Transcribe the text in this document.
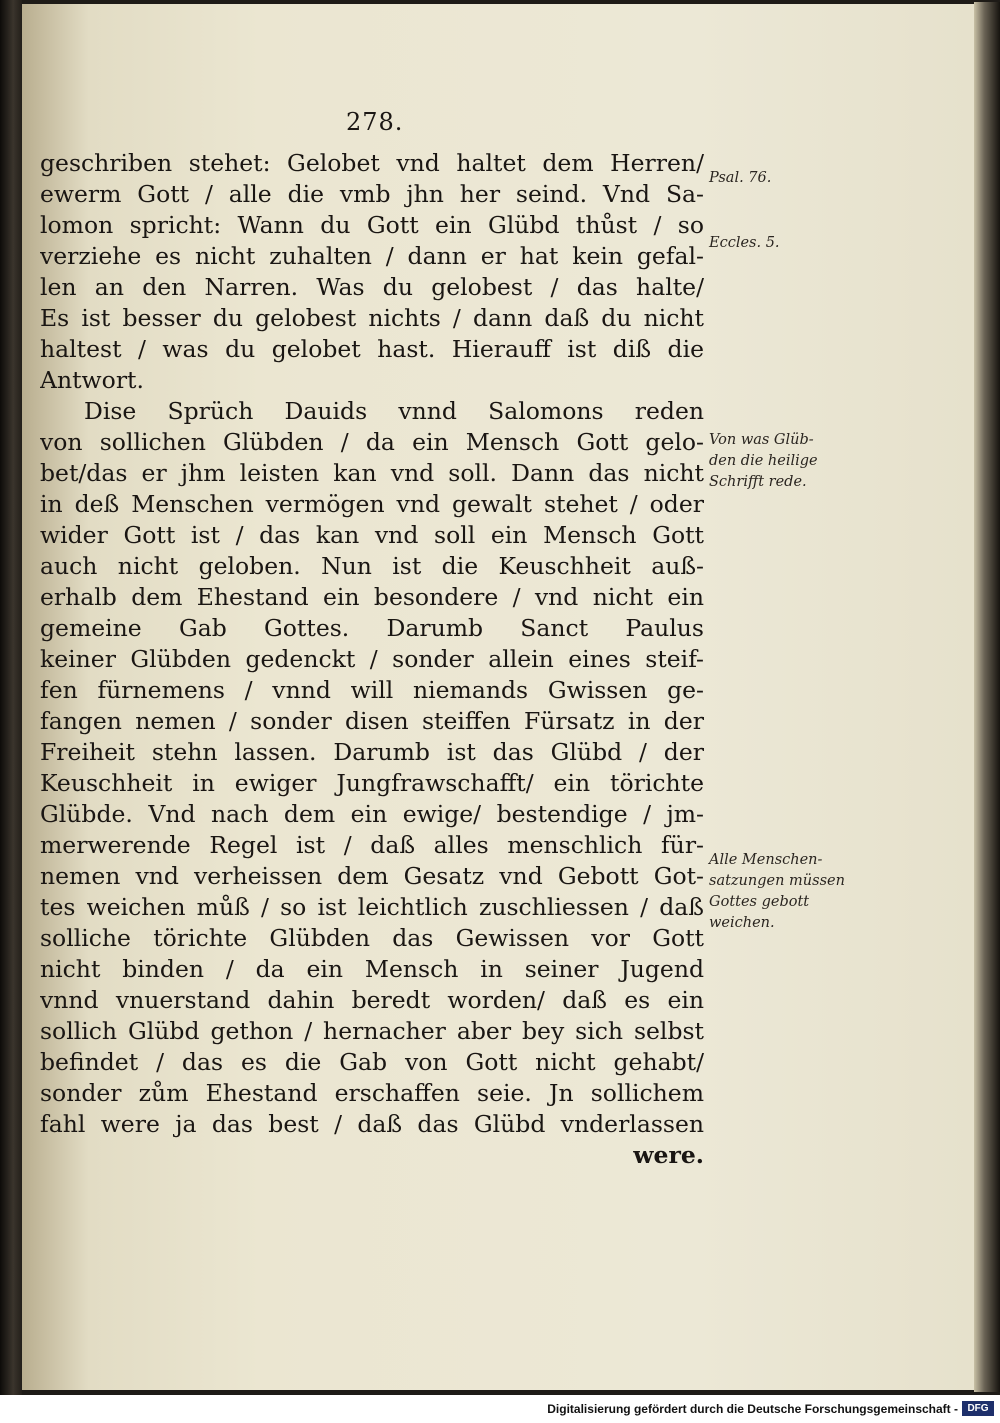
278.
geschriben stehet: Gelobet vnd haltet dem Herren/
ewerm Gott / alle die vmb jhn her seind. Vnd Sa-
lomon spricht: Wann du Gott ein Glübd thůst / so
verziehe es nicht zuhalten / dann er hat kein gefal-
len an den Narren. Was du gelobest / das halte/
Es ist besser du gelobest nichts / dann daß du nicht
haltest / was du gelobet hast. Hierauff ist diß die
Antwort.
Dise Sprüch Dauids vnnd Salomons reden
von sollichen Glübden / da ein Mensch Gott gelo-
bet/das er jhm leisten kan vnd soll. Dann das nicht
in deß Menschen vermögen vnd gewalt stehet / oder
wider Gott ist / das kan vnd soll ein Mensch Gott
auch nicht geloben. Nun ist die Keuschheit auß-
erhalb dem Ehestand ein besondere / vnd nicht ein
gemeine Gab Gottes. Darumb Sanct Paulus
keiner Glübden gedenckt / sonder allein eines steif-
fen fürnemens / vnnd will niemands Gwissen ge-
fangen nemen / sonder disen steiffen Fürsatz in der
Freiheit stehn lassen. Darumb ist das Glübd / der
Keuschheit in ewiger Jungfrawschafft/ ein törichte
Glübde. Vnd nach dem ein ewige/ bestendige / jm-
merwerende Regel ist / daß alles menschlich für-
nemen vnd verheissen dem Gesatz vnd Gebott Got-
tes weichen můß / so ist leichtlich zuschliessen / daß
solliche törichte Glübden das Gewissen vor Gott
nicht binden / da ein Mensch in seiner Jugend
vnnd vnuerstand dahin beredt worden/ daß es ein
sollich Glübd gethon / hernacher aber bey sich selbst
befindet / das es die Gab von Gott nicht gehabt/
sonder zům Ehestand erschaffen seie. Jn sollichem
fahl were ja das best / daß das Glübd vnderlassen
were.
Psal. 76.
Eccles. 5.
Von was Glüb-
den die heilige
Schrifft rede.
Alle Menschen-
satzungen müssen
Gottes gebott
weichen.
Digitalisierung gefördert durch die Deutsche Forschungsgemeinschaft - DFG
